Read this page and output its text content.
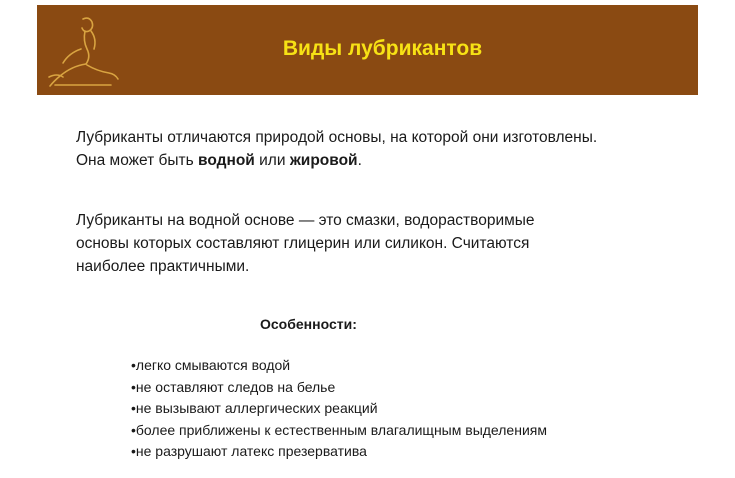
Виды лубрикантов
Лубриканты отличаются природой основы, на которой они изготовлены.
Она может быть водной или жировой.
Лубриканты на водной основе — это смазки, водорастворимые
основы которых составляют глицерин или силикон. Считаются
наиболее практичными.
Особенности:
•легко смываются водой
•не оставляют следов на белье
•не вызывают аллергических реакций
•более приближены к естественным влагалищным выделениям
•не разрушают латекс презерватива
